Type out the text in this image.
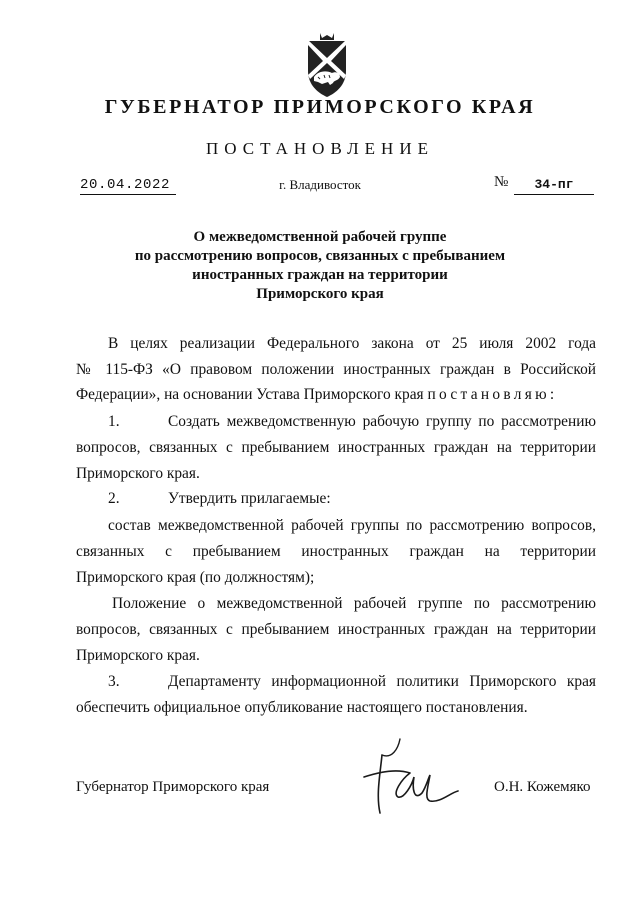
ГУБЕРНАТОР ПРИМОРСКОГО КРАЯ
ПОСТАНОВЛЕНИЕ
20.04.2022	г. Владивосток	№	34-пг
О межведомственной рабочей группе
по рассмотрению вопросов, связанных с пребыванием
иностранных граждан на территории
Приморского края
В целях реализации Федерального закона от 25 июля 2002 года
№ 115-ФЗ «О правовом положении иностранных граждан в Российской
Федерации», на основании Устава Приморского края постановляю:
1.	Создать межведомственную рабочую группу по рассмотрению
вопросов, связанных с пребыванием иностранных граждан на территории
Приморского края.
2.	Утвердить прилагаемые:
состав межведомственной рабочей группы по рассмотрению вопросов,
связанных с пребыванием иностранных граждан на территории
Приморского края (по должностям);
Положение о межведомственной рабочей группе по рассмотрению
вопросов, связанных с пребыванием иностранных граждан на территории
Приморского края.
3.	Департаменту информационной политики Приморского края
обеспечить официальное опубликование настоящего постановления.
Губернатор Приморского края	О.Н. Кожемяко
